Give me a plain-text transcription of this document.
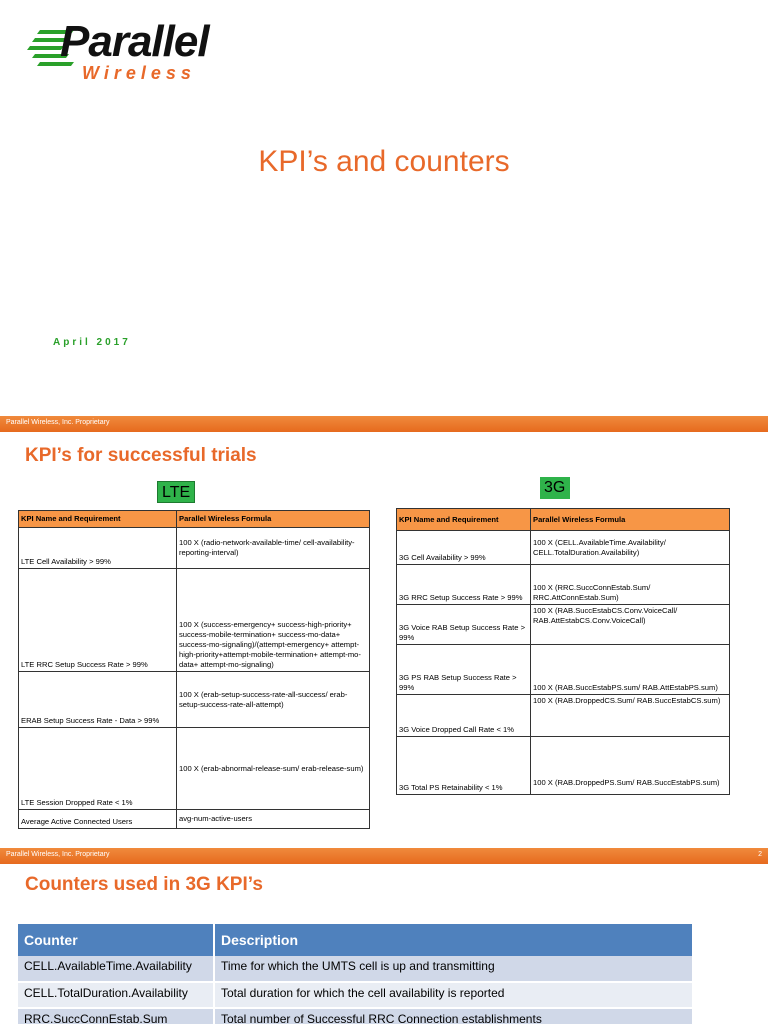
Parallel
Wireless
KPI’s and counters
April 2017
Parallel Wireless, Inc. Proprietary
KPI’s for successful trials
LTE	3G
KPI Name and Requirement	Parallel Wireless Formula
LTE Cell Availability > 99%	100 X (radio-network-available-time/ cell-availability-reporting-interval)
LTE RRC Setup Success Rate > 99%	100 X (success-emergency+ success-high-priority+ success-mobile-termination+ success-mo-data+ success-mo-signaling)/(attempt-emergency+ attempt-high-priority+attempt-mobile-termination+ attempt-mo-data+ attempt-mo-signaling)
ERAB Setup Success Rate - Data > 99%	100 X (erab-setup-success-rate-all-success/ erab-setup-success-rate-all-attempt)
LTE Session Dropped Rate < 1%	100 X (erab-abnormal-release-sum/ erab-release-sum)
Average Active Connected Users	avg-num-active-users
KPI Name and Requirement	Parallel Wireless Formula
3G Cell Availability > 99%	100 X (CELL.AvailableTime.Availability/ CELL.TotalDuration.Availability)
3G RRC Setup Success Rate > 99%	100 X (RRC.SuccConnEstab.Sum/ RRC.AttConnEstab.Sum)
3G Voice RAB Setup Success Rate > 99%	100 X (RAB.SuccEstabCS.Conv.VoiceCall/ RAB.AttEstabCS.Conv.VoiceCall)
3G PS RAB Setup Success Rate > 99%	100 X (RAB.SuccEstabPS.sum/ RAB.AttEstabPS.sum)
3G Voice Dropped Call Rate < 1%	100 X (RAB.DroppedCS.Sum/ RAB.SuccEstabCS.sum)
3G Total PS Retainability < 1%	100 X (RAB.DroppedPS.Sum/ RAB.SuccEstabPS.sum)
Parallel Wireless, Inc. Proprietary	2
Counters used in 3G KPI’s
Counter	Description
CELL.AvailableTime.Availability	Time for which the UMTS cell is up and transmitting
CELL.TotalDuration.Availability	Total duration for which the cell availability is reported
RRC.SuccConnEstab.Sum	Total number of Successful RRC Connection establishments
